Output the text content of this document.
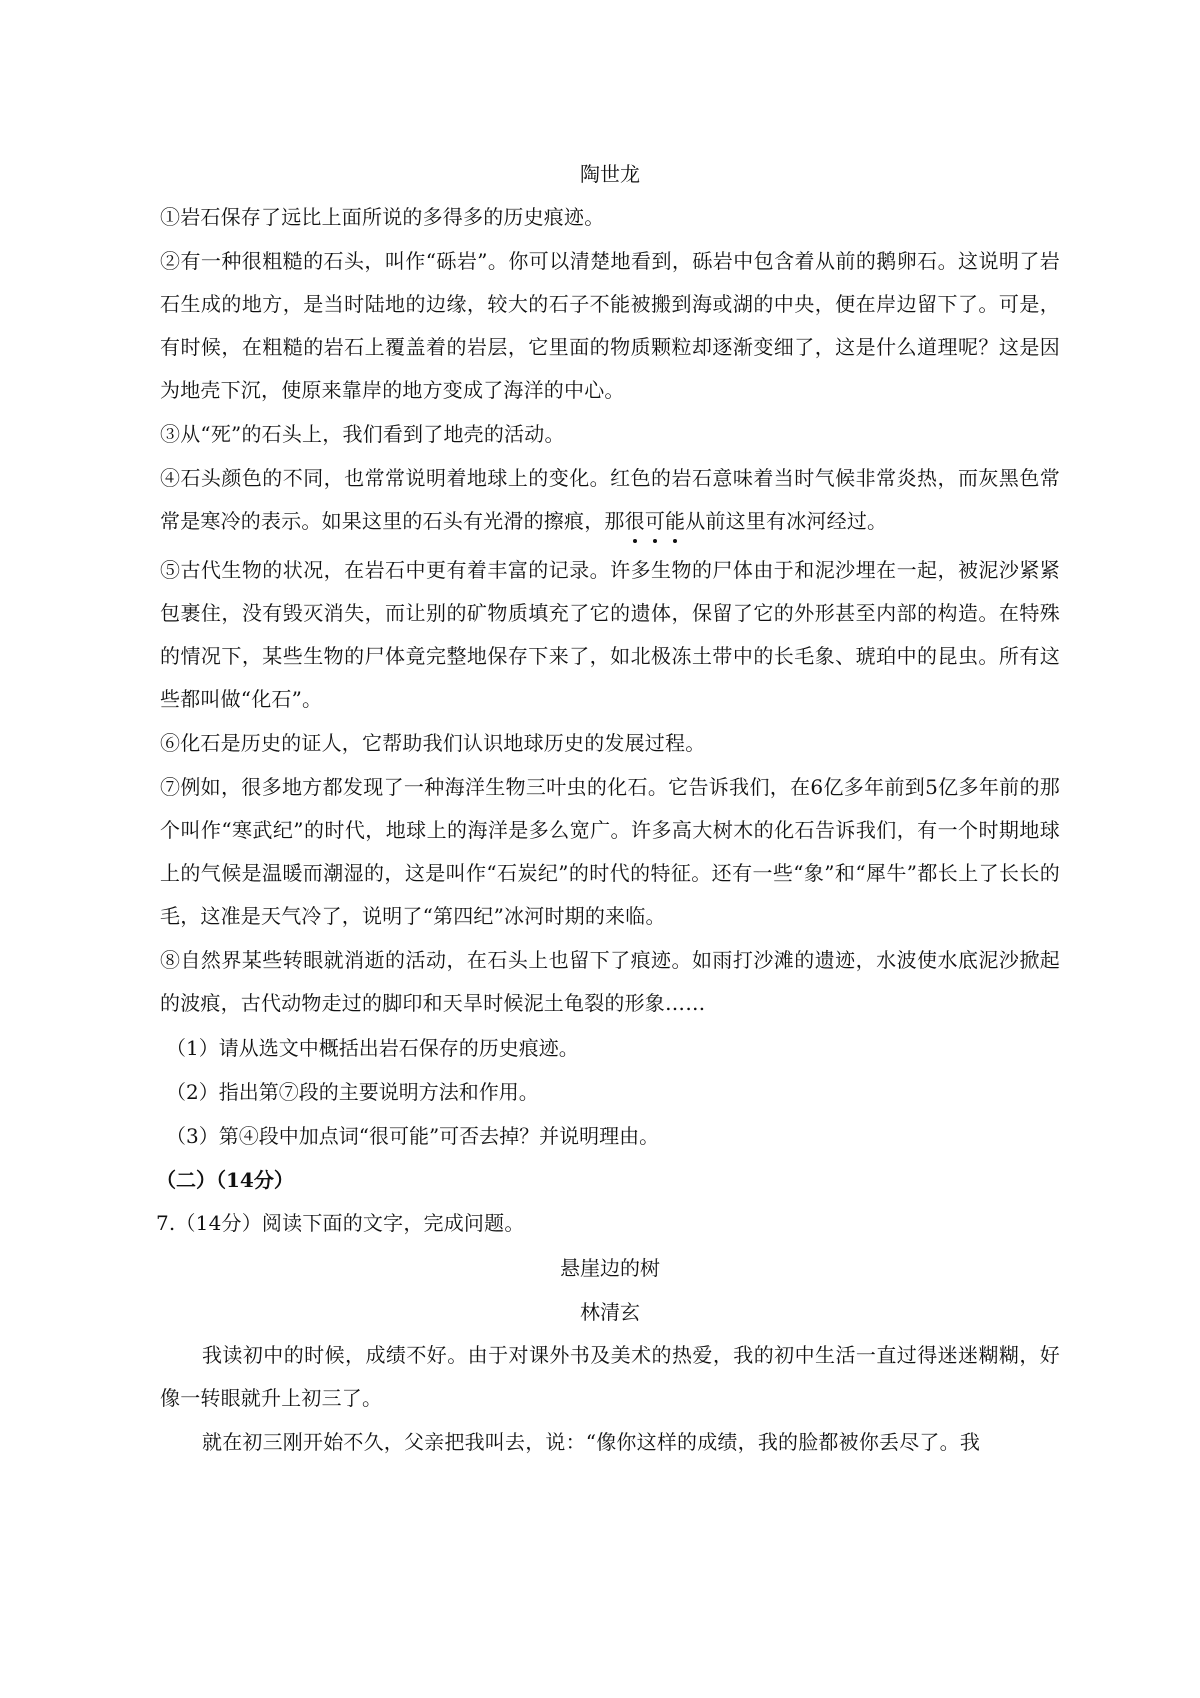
陶世龙
①岩石保存了远比上面所说的多得多的历史痕迹。
②有一种很粗糙的石头，叫作“砾岩”。你可以清楚地看到，砾岩中包含着从前的鹅卵石。这说明了岩石生成的地方，是当时陆地的边缘，较大的石子不能被搬到海或湖的中央，便在岸边留下了。可是，有时候，在粗糙的岩石上覆盖着的岩层，它里面的物质颗粒却逐渐变细了，这是什么道理呢？这是因为地壳下沉，使原来靠岸的地方变成了海洋的中心。
③从“死”的石头上，我们看到了地壳的活动。
④石头颜色的不同，也常常说明着地球上的变化。红色的岩石意味着当时气候非常炎热，而灰黑色常常是寒冷的表示。如果这里的石头有光滑的擦痕，那很可能从前这里有冰河经过。
⑤古代生物的状况，在岩石中更有着丰富的记录。许多生物的尸体由于和泥沙埋在一起，被泥沙紧紧包裹住，没有毁灭消失，而让别的矿物质填充了它的遗体，保留了它的外形甚至内部的构造。在特殊的情况下，某些生物的尸体竟完整地保存下来了，如北极冻土带中的长毛象、琥珀中的昆虫。所有这些都叫做“化石”。
⑥化石是历史的证人，它帮助我们认识地球历史的发展过程。
⑦例如，很多地方都发现了一种海洋生物三叶虫的化石。它告诉我们，在6亿多年前到5亿多年前的那个叫作“寒武纪”的时代，地球上的海洋是多么宽广。许多高大树木的化石告诉我们，有一个时期地球上的气候是温暖而潮湿的，这是叫作“石炭纪”的时代的特征。还有一些“象”和“犀牛”都长上了长长的毛，这准是天气冷了，说明了“第四纪”冰河时期的来临。
⑧自然界某些转眼就消逝的活动，在石头上也留下了痕迹。如雨打沙滩的遗迹，水波使水底泥沙掀起的波痕，古代动物走过的脚印和天旱时候泥土龟裂的形象……
（1）请从选文中概括出岩石保存的历史痕迹。
（2）指出第⑦段的主要说明方法和作用。
（3）第④段中加点词“很可能”可否去掉？并说明理由。
（二）（14分）
7.（14分）阅读下面的文字，完成问题。
悬崖边的树
林清玄
我读初中的时候，成绩不好。由于对课外书及美术的热爱，我的初中生活一直过得迷迷糊糊，好像一转眼就升上初三了。
就在初三刚开始不久，父亲把我叫去，说：“像你这样的成绩，我的脸都被你丢尽了。我
